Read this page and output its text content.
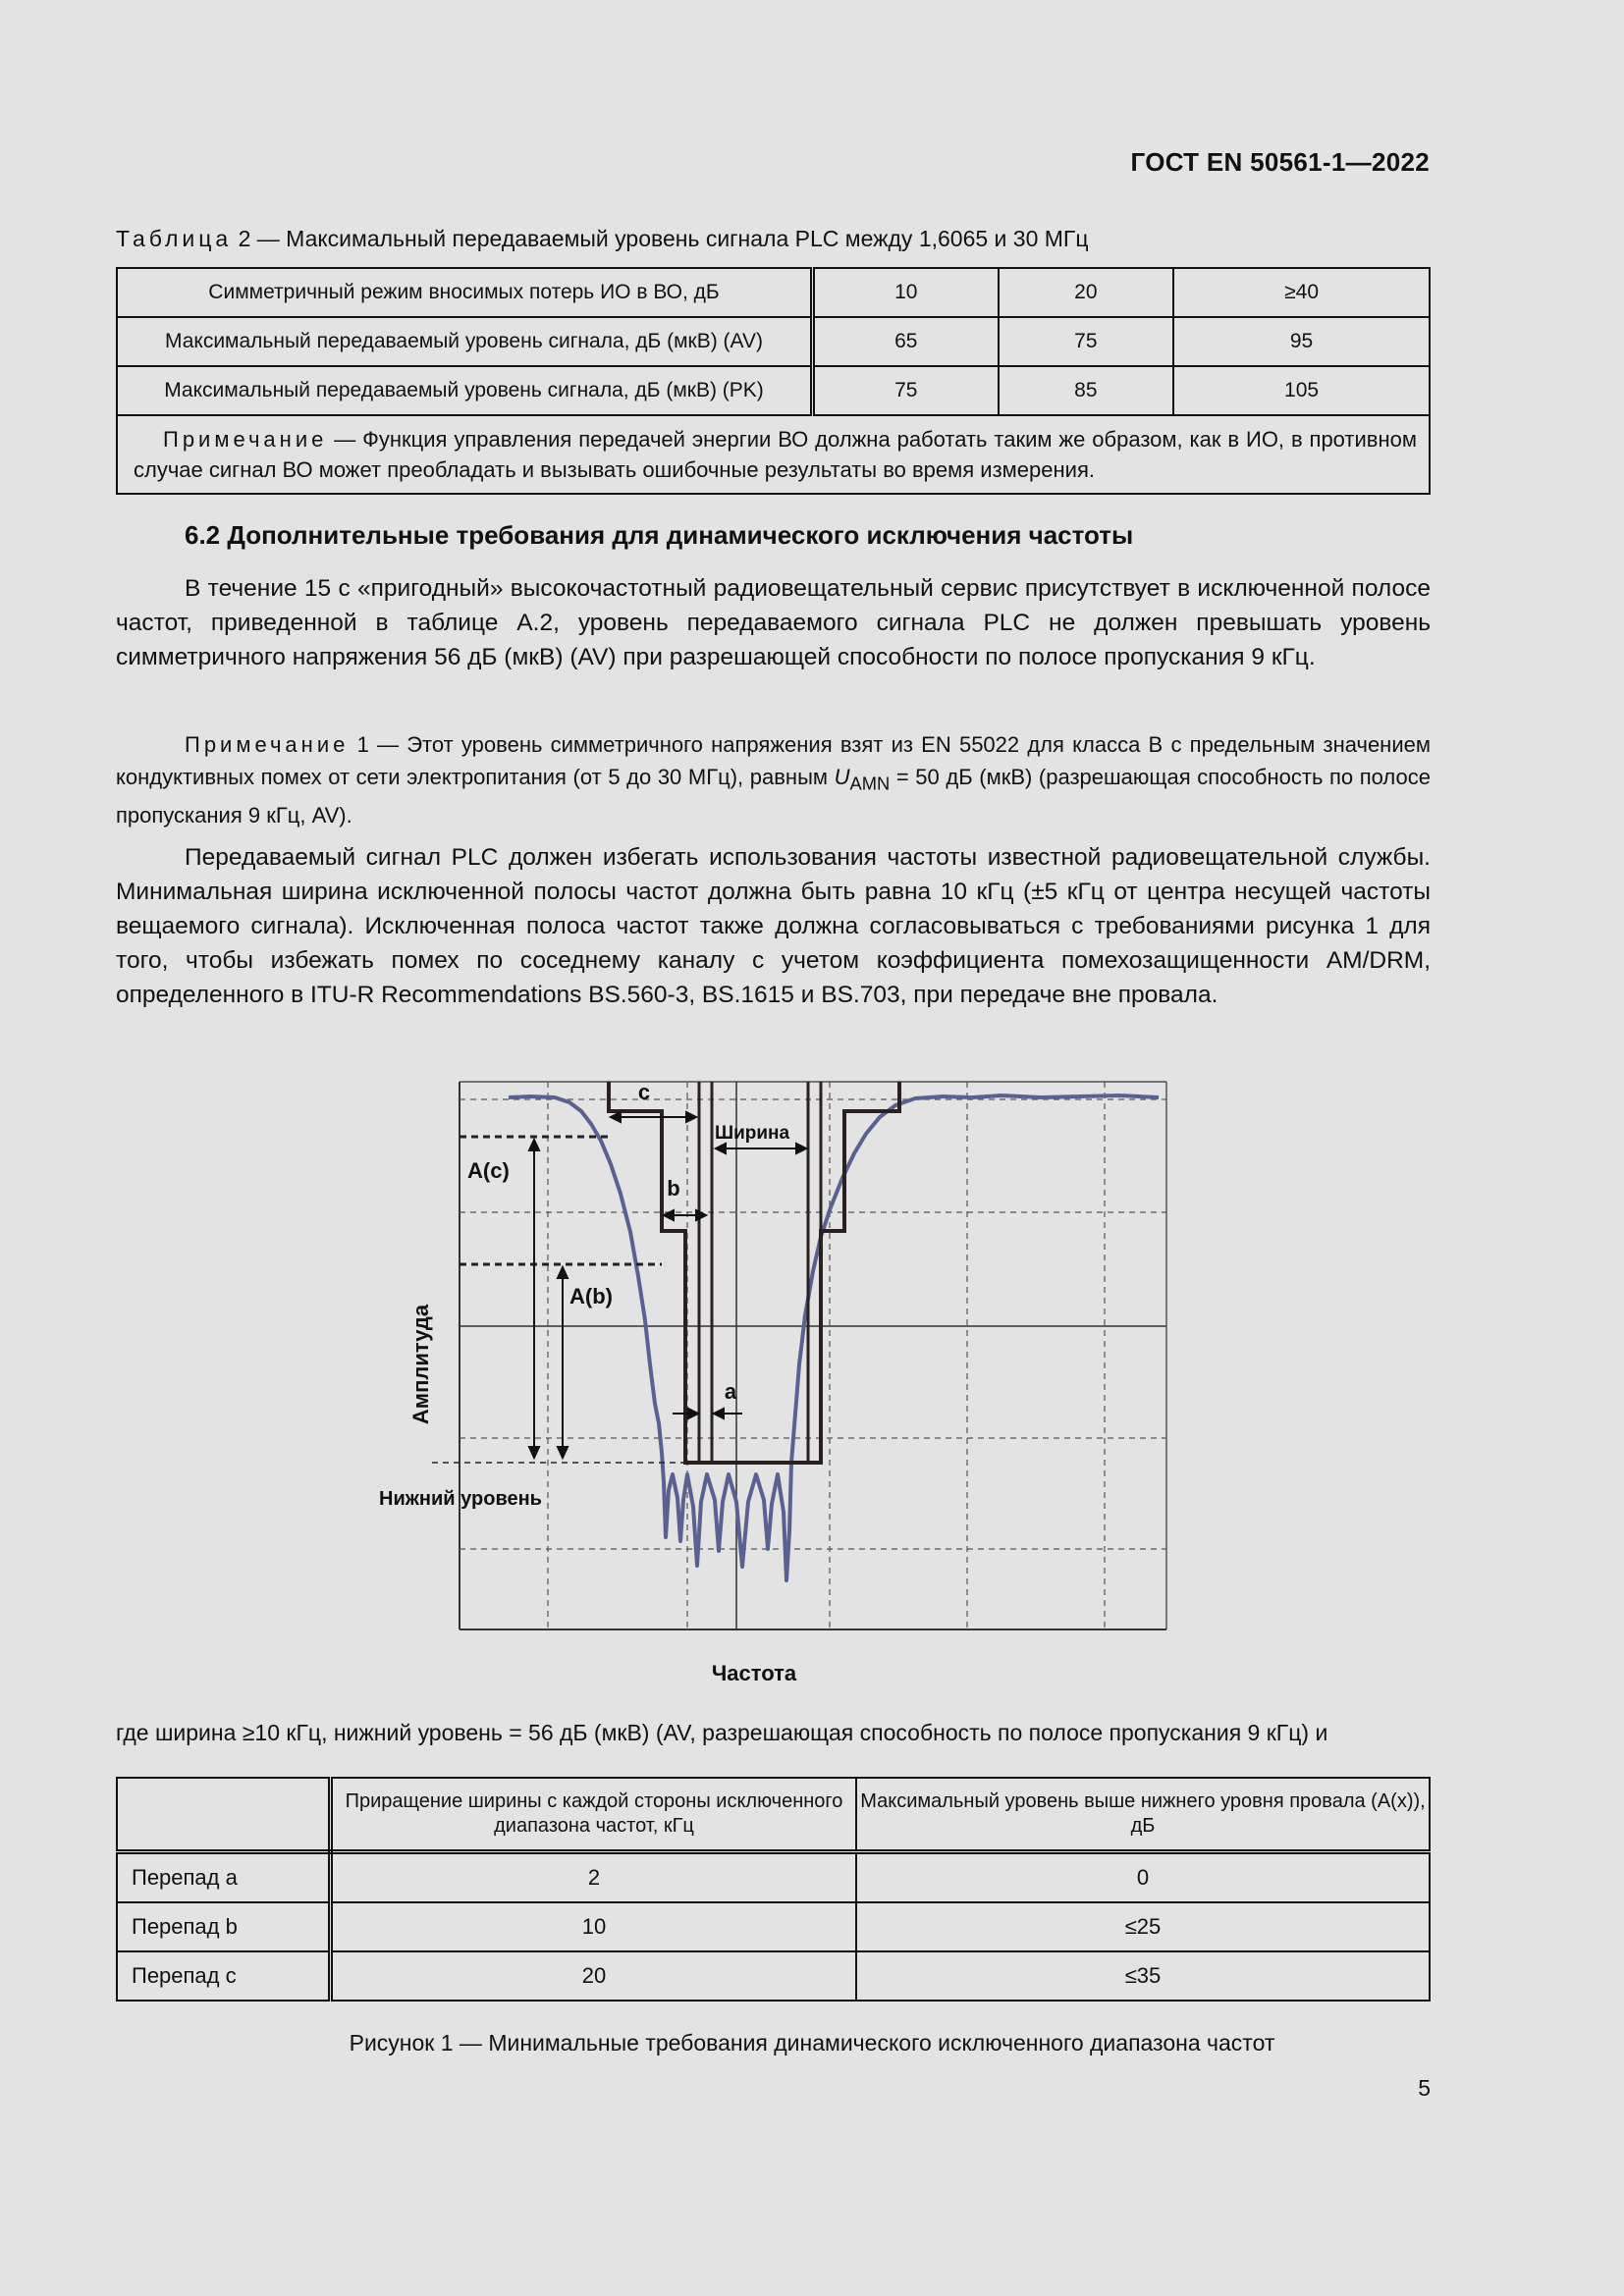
ГОСТ EN 50561-1—2022
Таблица 2 — Максимальный передаваемый уровень сигнала PLC между 1,6065 и 30 МГц
Симметричный режим вносимых потерь ИО в ВО, дБ	10	20	≥40
Максимальный передаваемый уровень сигнала, дБ (мкВ) (AV)	65	75	95
Максимальный передаваемый уровень сигнала, дБ (мкВ) (PK)	75	85	105
Примечание — Функция управления передачей энергии ВО должна работать таким же образом, как в ИО, в противном случае сигнал ВО может преобладать и вызывать ошибочные результаты во время измерения.			
6.2 Дополнительные требования для динамического исключения частоты
В течение 15 с «пригодный» высокочастотный радиовещательный сервис присутствует в исключенной полосе частот, приведенной в таблице А.2, уровень передаваемого сигнала PLC не должен превышать уровень симметричного напряжения 56 дБ (мкВ) (AV) при разрешающей способности по полосе пропускания 9 кГц.
Примечание 1 — Этот уровень симметричного напряжения взят из EN 55022 для класса В с предельным значением кондуктивных помех от сети электропитания (от 5 до 30 МГц), равным $U_{AMN} = 50$ дБ (мкВ) (разрешающая способность по полосе пропускания 9 кГц, AV).
Передаваемый сигнал PLC должен избегать использования частоты известной радиовещательной службы. Минимальная ширина исключенной полосы частот должна быть равна 10 кГц (±5 кГц от центра несущей частоты вещаемого сигнала). Исключенная полоса частот также должна согласовываться с требованиями рисунка 1 для того, чтобы избежать помех по соседнему каналу с учетом коэффициента помехозащищенности AM/DRM, определенного в ITU-R Recommendations BS.560-3, BS.1615 и BS.703, при передаче вне провала.
c
Ширина
b
A(c)
A(b)
a
Нижний уровень
Частота
Амплитуда
где ширина ≥10 кГц, нижний уровень = 56 дБ (мкВ) (AV, разрешающая способность по полосе пропускания 9 кГц) и
	Приращение ширины с каждой стороны исключенного диапазона частот, кГц	Максимальный уровень выше нижнего уровня провала (A(x)), дБ
Перепад a	2	0
Перепад b	10	≤25
Перепад c	20	≤35
Рисунок 1 — Минимальные требования динамического исключенного диапазона частот
5
